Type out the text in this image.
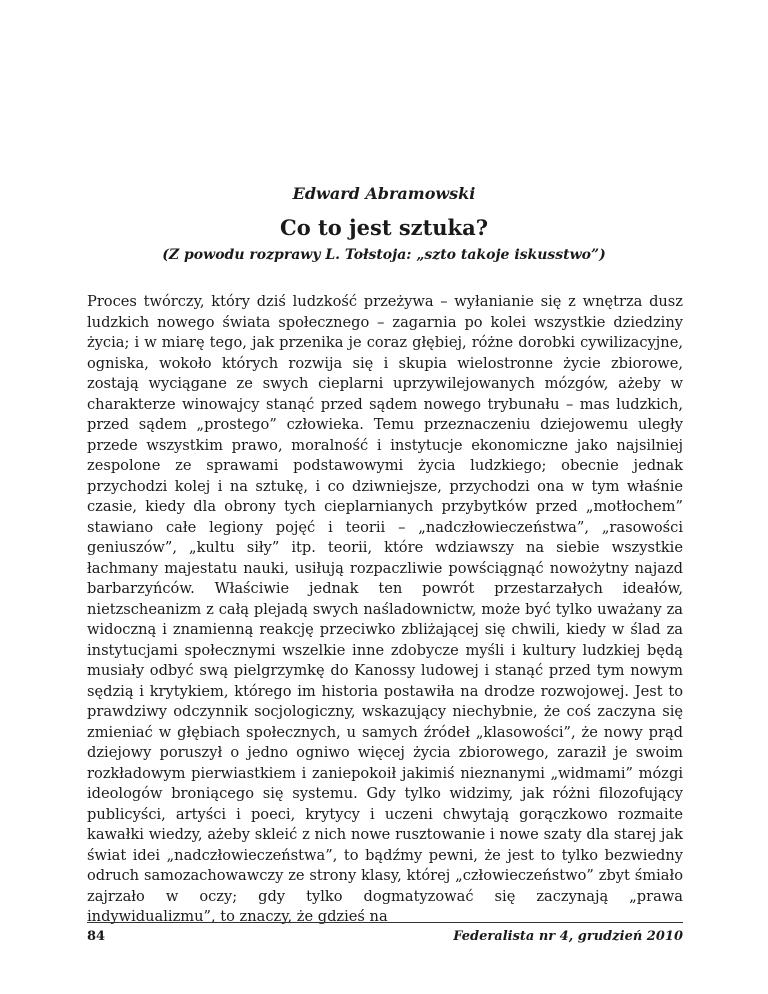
Edward Abramowski
Co to jest sztuka?
(Z powodu rozprawy L. Tołstoja: „szto takoje iskusstwo”)

Proces twórczy, który dziś ludzkość przeżywa – wyłanianie się z wnętrza dusz ludzkich nowego świata społecznego – zagarnia po kolei wszystkie dziedziny życia; i w miarę tego, jak przenika je coraz głębiej, różne dorobki cywilizacyjne, ogniska, wokoło których rozwija się i skupia wielostronne życie zbiorowe, zostają wyciągane ze swych cieplarni uprzywilejowanych mózgów, ażeby w charakterze winowajcy stanąć przed sądem nowego trybunału – mas ludzkich, przed sądem „prostego” człowieka. Temu przeznaczeniu dziejowemu uległy przede wszystkim prawo, moralność i instytucje ekonomiczne jako najsilniej zespolone ze sprawami podstawowymi życia ludzkiego; obecnie jednak przychodzi kolej i na sztukę, i co dziwniejsze, przychodzi ona w tym właśnie czasie, kiedy dla obrony tych cieplarnianych przybytków przed „motłochem” stawiano całe legiony pojęć i teorii – „nadczłowieczeństwa”, „rasowości geniuszów”, „kultu siły” itp. teorii, które wdziawszy na siebie wszystkie łachmany majestatu nauki, usiłują rozpaczliwie powściągnąć nowożytny najazd barbarzyńców. Właściwie jednak ten powrót przestarzałych ideałów, nietzscheanizm z całą plejadą swych naśladownictw, może być tylko uważany za widoczną i znamienną reakcję przeciwko zbliżającej się chwili, kiedy w ślad za instytucjami społecznymi wszelkie inne zdobycze myśli i kultury ludzkiej będą musiały odbyć swą pielgrzymkę do Kanossy ludowej i stanąć przed tym nowym sędzią i krytykiem, którego im historia postawiła na drodze rozwojowej. Jest to prawdziwy odczynnik socjologiczny, wskazujący niechybnie, że coś zaczyna się zmieniać w głębiach społecznych, u samych źródeł „klasowości”, że nowy prąd dziejowy poruszył o jedno ogniwo więcej życia zbiorowego, zaraził je swoim rozkładowym pierwiastkiem i zaniepokoił jakimiś nieznanymi „widmami” mózgi ideologów broniącego się systemu. Gdy tylko widzimy, jak różni filozofujący publicyści, artyści i poeci, krytycy i uczeni chwytają gorączkowo rozmaite kawałki wiedzy, ażeby skleić z nich nowe rusztowanie i nowe szaty dla starej jak świat idei „nadczłowieczeństwa”, to bądźmy pewni, że jest to tylko bezwiedny odruch samozachowawczy ze strony klasy, której „człowieczeństwo” zbyt śmiało zajrzało w oczy; gdy tylko dogmatyzować się zaczynają „prawa indywidualizmu”, to znaczy, że gdzieś na

84	Federalista nr 4, grudzień 2010
